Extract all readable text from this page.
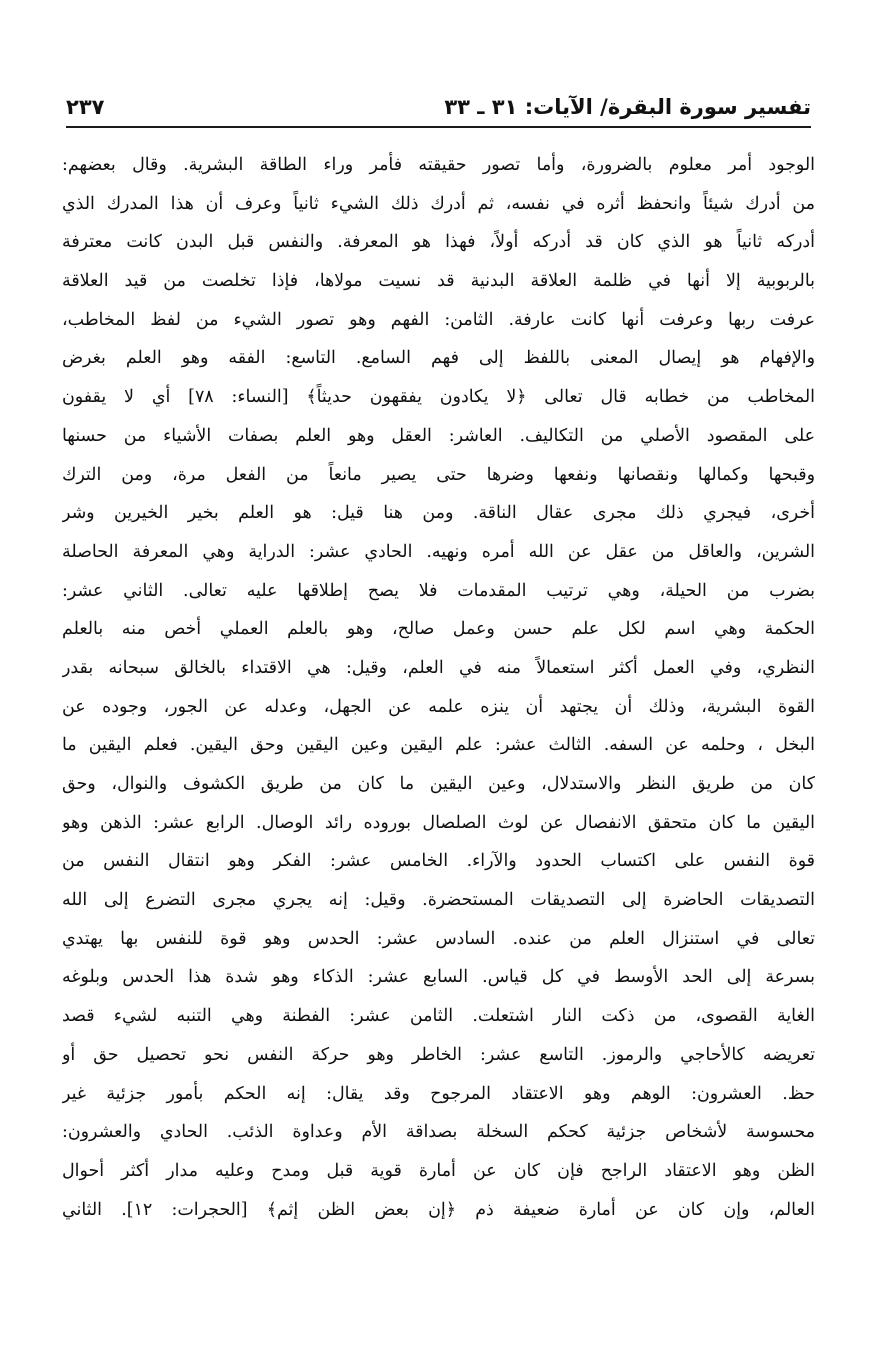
تفسير سورة البقرة/ الآيات: ٣١ ـ ٣٣
٢٣٧
الوجود أمر معلوم بالضرورة، وأما تصور حقيقته فأمر وراء الطاقة البشرية. وقال بعضهم:
من أدرك شيئاً وانحفظ أثره في نفسه، ثم أدرك ذلك الشيء ثانياً وعرف أن هذا المدرك الذي
أدركه ثانياً هو الذي كان قد أدركه أولاً، فهذا هو المعرفة. والنفس قبل البدن كانت معترفة
بالربوبية إلا أنها في ظلمة العلاقة البدنية قد نسيت مولاها، فإذا تخلصت من قيد العلاقة
عرفت ربها وعرفت أنها كانت عارفة. الثامن: الفهم وهو تصور الشيء من لفظ المخاطب،
والإفهام هو إيصال المعنى باللفظ إلى فهم السامع. التاسع: الفقه وهو العلم بغرض
المخاطب من خطابه قال تعالى ﴿لا يكادون يفقهون حديثاً﴾ [النساء: ٧٨] أي لا يقفون
على المقصود الأصلي من التكاليف. العاشر: العقل وهو العلم بصفات الأشياء من حسنها
وقبحها وكمالها ونقصانها ونفعها وضرها حتى يصير مانعاً من الفعل مرة، ومن الترك
أخرى، فيجري ذلك مجرى عقال الناقة. ومن هنا قيل: هو العلم بخير الخيرين وشر
الشرين، والعاقل من عقل عن الله أمره ونهيه. الحادي عشر: الدراية وهي المعرفة الحاصلة
بضرب من الحيلة، وهي ترتيب المقدمات فلا يصح إطلاقها عليه تعالى. الثاني عشر:
الحكمة وهي اسم لكل علم حسن وعمل صالح، وهو بالعلم العملي أخص منه بالعلم
النظري، وفي العمل أكثر استعمالاً منه في العلم، وقيل: هي الاقتداء بالخالق سبحانه بقدر
القوة البشرية، وذلك أن يجتهد أن ينزه علمه عن الجهل، وعدله عن الجور، وجوده عن
البخل ، وحلمه عن السفه. الثالث عشر: علم اليقين وعين اليقين وحق اليقين. فعلم اليقين ما
كان من طريق النظر والاستدلال، وعين اليقين ما كان من طريق الكشوف والنوال، وحق
اليقين ما كان متحقق الانفصال عن لوث الصلصال بوروده رائد الوصال. الرابع عشر: الذهن وهو
قوة النفس على اكتساب الحدود والآراء. الخامس عشر: الفكر وهو انتقال النفس من
التصديقات الحاضرة إلى التصديقات المستحضرة. وقيل: إنه يجري مجرى التضرع إلى الله
تعالى في استنزال العلم من عنده. السادس عشر: الحدس وهو قوة للنفس بها يهتدي
بسرعة إلى الحد الأوسط في كل قياس. السابع عشر: الذكاء وهو شدة هذا الحدس وبلوغه
الغاية القصوى، من ذكت النار اشتعلت. الثامن عشر: الفطنة وهي التنبه لشيء قصد
تعريضه كالأحاجي والرموز. التاسع عشر: الخاطر وهو حركة النفس نحو تحصيل حق أو
حظ. العشرون: الوهم وهو الاعتقاد المرجوح وقد يقال: إنه الحكم بأمور جزئية غير
محسوسة لأشخاص جزئية كحكم السخلة بصداقة الأم وعداوة الذئب. الحادي والعشرون:
الظن وهو الاعتقاد الراجح فإن كان عن أمارة قوية قبل ومدح وعليه مدار أكثر أحوال
العالم، وإن كان عن أمارة ضعيفة ذم ﴿إن بعض الظن إثم﴾ [الحجرات: ١٢]. الثاني
